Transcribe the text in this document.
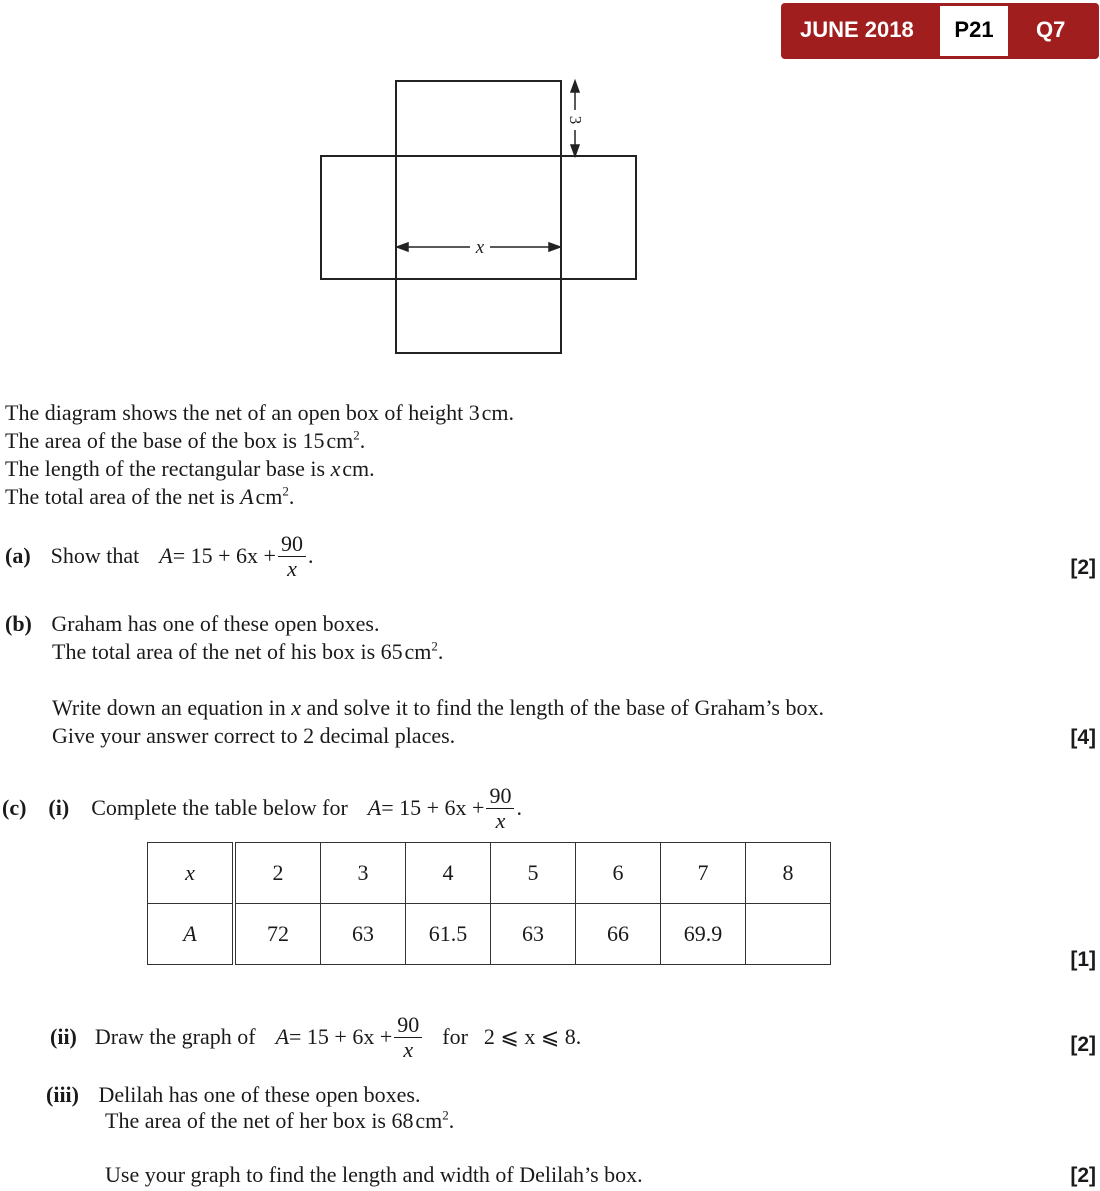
JUNE 2018	P21	Q7
3
x
The diagram shows the net of an open box of height 3 cm.
The area of the base of the box is 15 $cm^2$.
The length of the rectangular base is x cm.
The total area of the net is A $cm^2$.
(a) Show that $A = 15 + 6x + \frac{90}{x}$ .	[2]
(b) Graham has one of these open boxes.
The total area of the net of his box is 65 $cm^2$.
Write down an equation in x and solve it to find the length of the base of Graham’s box.
Give your answer correct to 2 decimal places.	[4]
(c) (i) Complete the table below for $A = 15 + 6x + \frac{90}{x}$ .
x	2	3	4	5	6	7	8
A	72	63	61.5	63	66	69.9	
[1]
(ii) Draw the graph of $A = 15 + 6x + \frac{90}{x}$ for 2 ⩽ x ⩽ 8.	[2]
(iii) Delilah has one of these open boxes.
The area of the net of her box is 68 $cm^2$.
Use your graph to find the length and width of Delilah’s box.	[2]
